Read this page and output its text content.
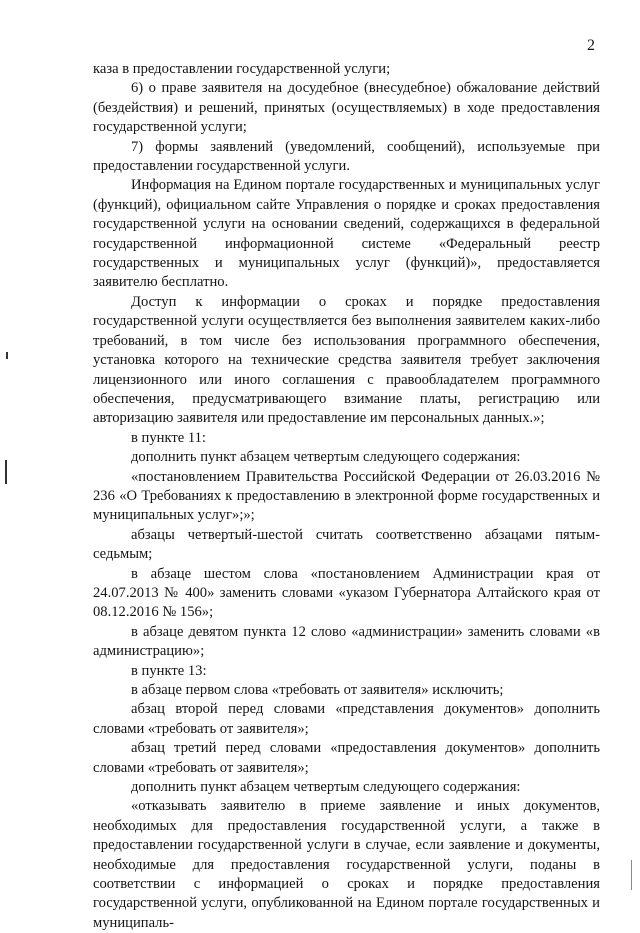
2

каза в предоставлении государственной услуги;

6) о праве заявителя на досудебное (внесудебное) обжалование действий (бездействия) и решений, принятых (осуществляемых) в ходе предоставления государственной услуги;

7) формы заявлений (уведомлений, сообщений), используемые при предоставлении государственной услуги.

Информация на Едином портале государственных и муниципальных услуг (функций), официальном сайте Управления о порядке и сроках предоставления государственной услуги на основании сведений, содержащихся в федеральной государственной информационной системе «Федеральный реестр государственных и муниципальных услуг (функций)», предоставляется заявителю бесплатно.

Доступ к информации о сроках и порядке предоставления государственной услуги осуществляется без выполнения заявителем каких-либо требований, в том числе без использования программного обеспечения, установка которого на технические средства заявителя требует заключения лицензионного или иного соглашения с правообладателем программного обеспечения, предусматривающего взимание платы, регистрацию или авторизацию заявителя или предоставление им персональных данных.»;

в пункте 11:

дополнить пункт абзацем четвертым следующего содержания:

«постановлением Правительства Российской Федерации от 26.03.2016 № 236 «О Требованиях к предоставлению в электронной форме государственных и муниципальных услуг»;»;

абзацы четвертый-шестой считать соответственно абзацами пятым-седьмым;

в абзаце шестом слова «постановлением Администрации края от 24.07.2013 № 400» заменить словами «указом Губернатора Алтайского края от 08.12.2016 № 156»;

в абзаце девятом пункта 12 слово «администрации» заменить словами «в администрацию»;

в пункте 13:

в абзаце первом слова «требовать от заявителя» исключить;

абзац второй перед словами «представления документов» дополнить словами «требовать от заявителя»;

абзац третий перед словами «предоставления документов» дополнить словами «требовать от заявителя»;

дополнить пункт абзацем четвертым следующего содержания:

«отказывать заявителю в приеме заявление и иных документов, необходимых для предоставления государственной услуги, а также в предоставлении государственной услуги в случае, если заявление и документы, необходимые для предоставления государственной услуги, поданы в соответствии с информацией о сроках и порядке предоставления государственной услуги, опубликованной на Едином портале государственных и муниципаль-
